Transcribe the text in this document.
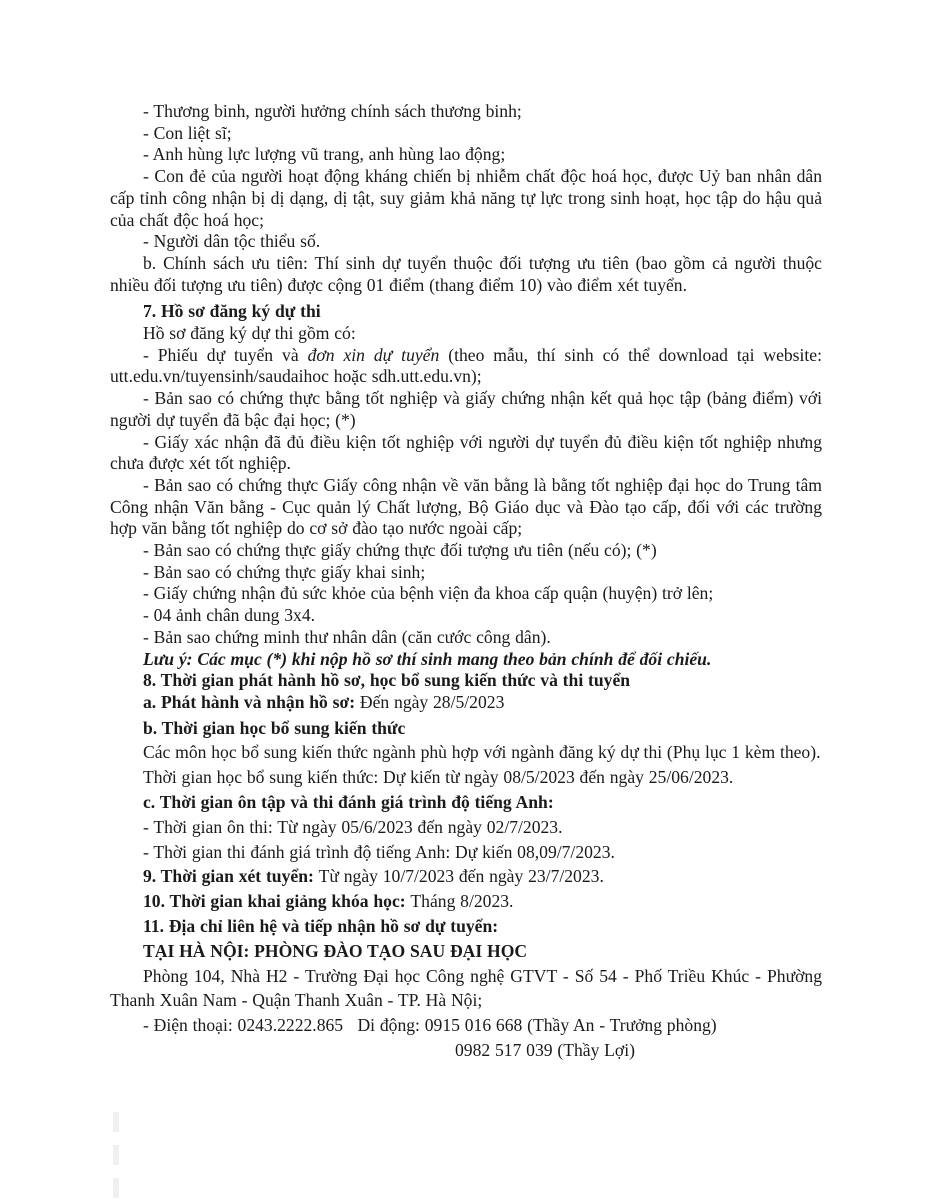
- Thương binh, người hưởng chính sách thương binh;

- Con liệt sĩ;

- Anh hùng lực lượng vũ trang, anh hùng lao động;

- Con đẻ của người hoạt động kháng chiến bị nhiễm chất độc hoá học, được Uỷ ban nhân dân cấp tỉnh công nhận bị dị dạng, dị tật, suy giảm khả năng tự lực trong sinh hoạt, học tập do hậu quả của chất độc hoá học;

- Người dân tộc thiểu số.

b. Chính sách ưu tiên: Thí sinh dự tuyển thuộc đối tượng ưu tiên (bao gồm cả người thuộc nhiều đối tượng ưu tiên) được cộng 01 điểm (thang điểm 10) vào điểm xét tuyển.

7. Hồ sơ đăng ký dự thi

Hồ sơ đăng ký dự thi gồm có:

- Phiếu dự tuyển và đơn xin dự tuyển (theo mẫu, thí sinh có thể download tại website: utt.edu.vn/tuyensinh/saudaihoc hoặc sdh.utt.edu.vn);

- Bản sao có chứng thực bằng tốt nghiệp và giấy chứng nhận kết quả học tập (bảng điểm) với người dự tuyển đã bậc đại học; (*)

- Giấy xác nhận đã đủ điều kiện tốt nghiệp với người dự tuyển đủ điều kiện tốt nghiệp nhưng chưa được xét tốt nghiệp.

- Bản sao có chứng thực Giấy công nhận về văn bằng là bằng tốt nghiệp đại học do Trung tâm Công nhận Văn bằng - Cục quản lý Chất lượng, Bộ Giáo dục và Đào tạo cấp, đối với các trường hợp văn bằng tốt nghiệp do cơ sở đào tạo nước ngoài cấp;

- Bản sao có chứng thực giấy chứng thực đối tượng ưu tiên (nếu có); (*)

- Bản sao có chứng thực giấy khai sinh;

- Giấy chứng nhận đủ sức khỏe của bệnh viện đa khoa cấp quận (huyện) trở lên;

- 04 ảnh chân dung 3x4.

- Bản sao chứng minh thư nhân dân (căn cước công dân).

Lưu ý: Các mục (*) khi nộp hồ sơ thí sinh mang theo bản chính để đối chiếu.

8. Thời gian phát hành hồ sơ, học bổ sung kiến thức và thi tuyển

a. Phát hành và nhận hồ sơ: Đến ngày 28/5/2023

b. Thời gian học bổ sung kiến thức

Các môn học bổ sung kiến thức ngành phù hợp với ngành đăng ký dự thi (Phụ lục 1 kèm theo).

Thời gian học bổ sung kiến thức: Dự kiến từ ngày 08/5/2023 đến ngày 25/06/2023.

c. Thời gian ôn tập và thi đánh giá trình độ tiếng Anh:

- Thời gian ôn thi: Từ ngày 05/6/2023 đến ngày 02/7/2023.

- Thời gian thi đánh giá trình độ tiếng Anh: Dự kiến 08,09/7/2023.

9. Thời gian xét tuyển: Từ ngày 10/7/2023 đến ngày 23/7/2023.

10. Thời gian khai giảng khóa học: Tháng 8/2023.

11. Địa chỉ liên hệ và tiếp nhận hồ sơ dự tuyển:

TẠI HÀ NỘI: PHÒNG ĐÀO TẠO SAU ĐẠI HỌC

Phòng 104, Nhà H2 - Trường Đại học Công nghệ GTVT - Số 54 - Phố Triều Khúc - Phường Thanh Xuân Nam - Quận Thanh Xuân - TP. Hà Nội;

- Điện thoại: 0243.2222.865   Di động: 0915 016 668 (Thầy An - Trưởng phòng)

0982 517 039 (Thầy Lợi)
